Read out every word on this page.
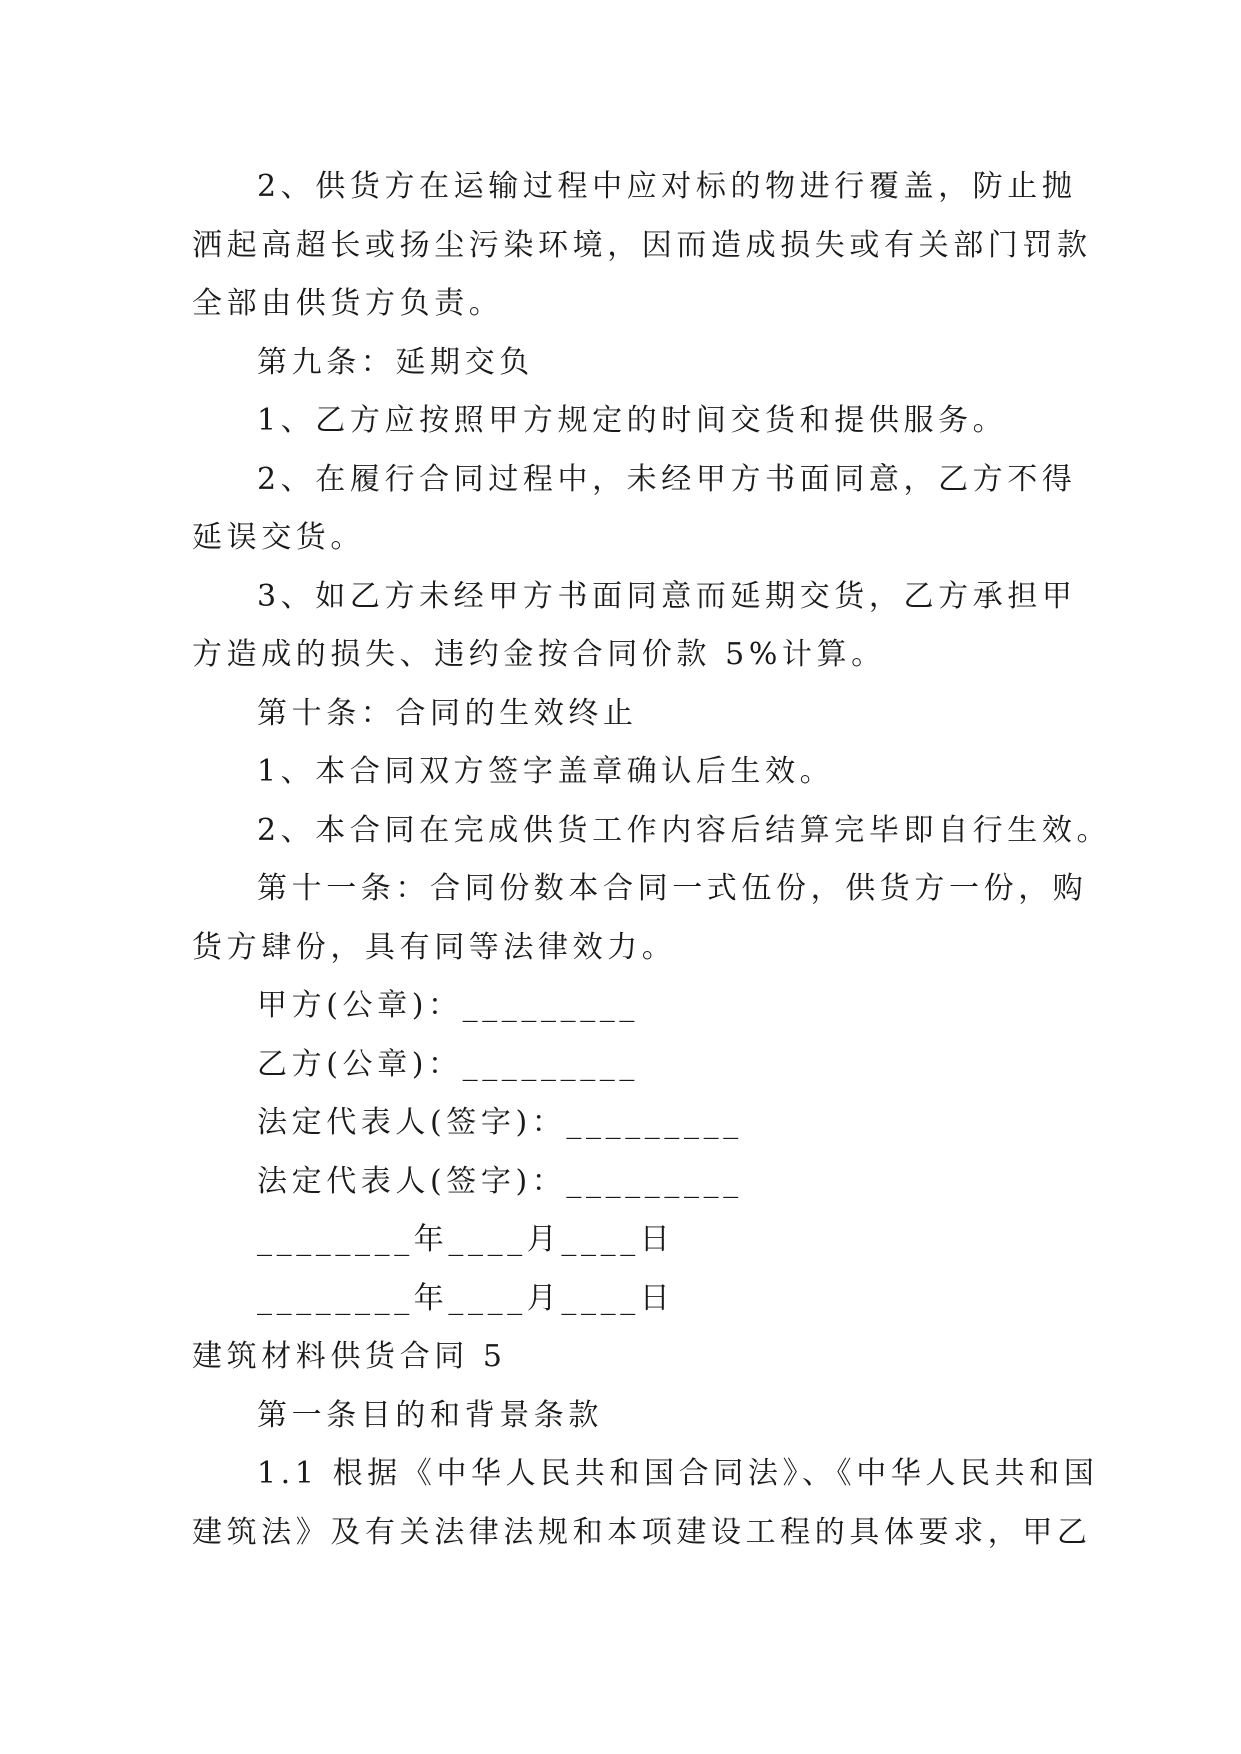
2、供货方在运输过程中应对标的物进行覆盖，防止抛
洒起高超长或扬尘污染环境，因而造成损失或有关部门罚款
全部由供货方负责。
第九条：延期交负
1、乙方应按照甲方规定的时间交货和提供服务。
2、在履行合同过程中，未经甲方书面同意，乙方不得
延误交货。
3、如乙方未经甲方书面同意而延期交货，乙方承担甲
方造成的损失、违约金按合同价款 5%计算。
第十条：合同的生效终止
1、本合同双方签字盖章确认后生效。
2、本合同在完成供货工作内容后结算完毕即自行生效。
第十一条：合同份数本合同一式伍份，供货方一份，购
货方肆份，具有同等法律效力。
甲方(公章)：_________
乙方(公章)：_________
法定代表人(签字)：_________
法定代表人(签字)：_________
________年____月____日
________年____月____日
建筑材料供货合同 5
第一条目的和背景条款
1.1 根据《中华人民共和国合同法》、《中华人民共和国
建筑法》及有关法律法规和本项建设工程的具体要求，甲乙
